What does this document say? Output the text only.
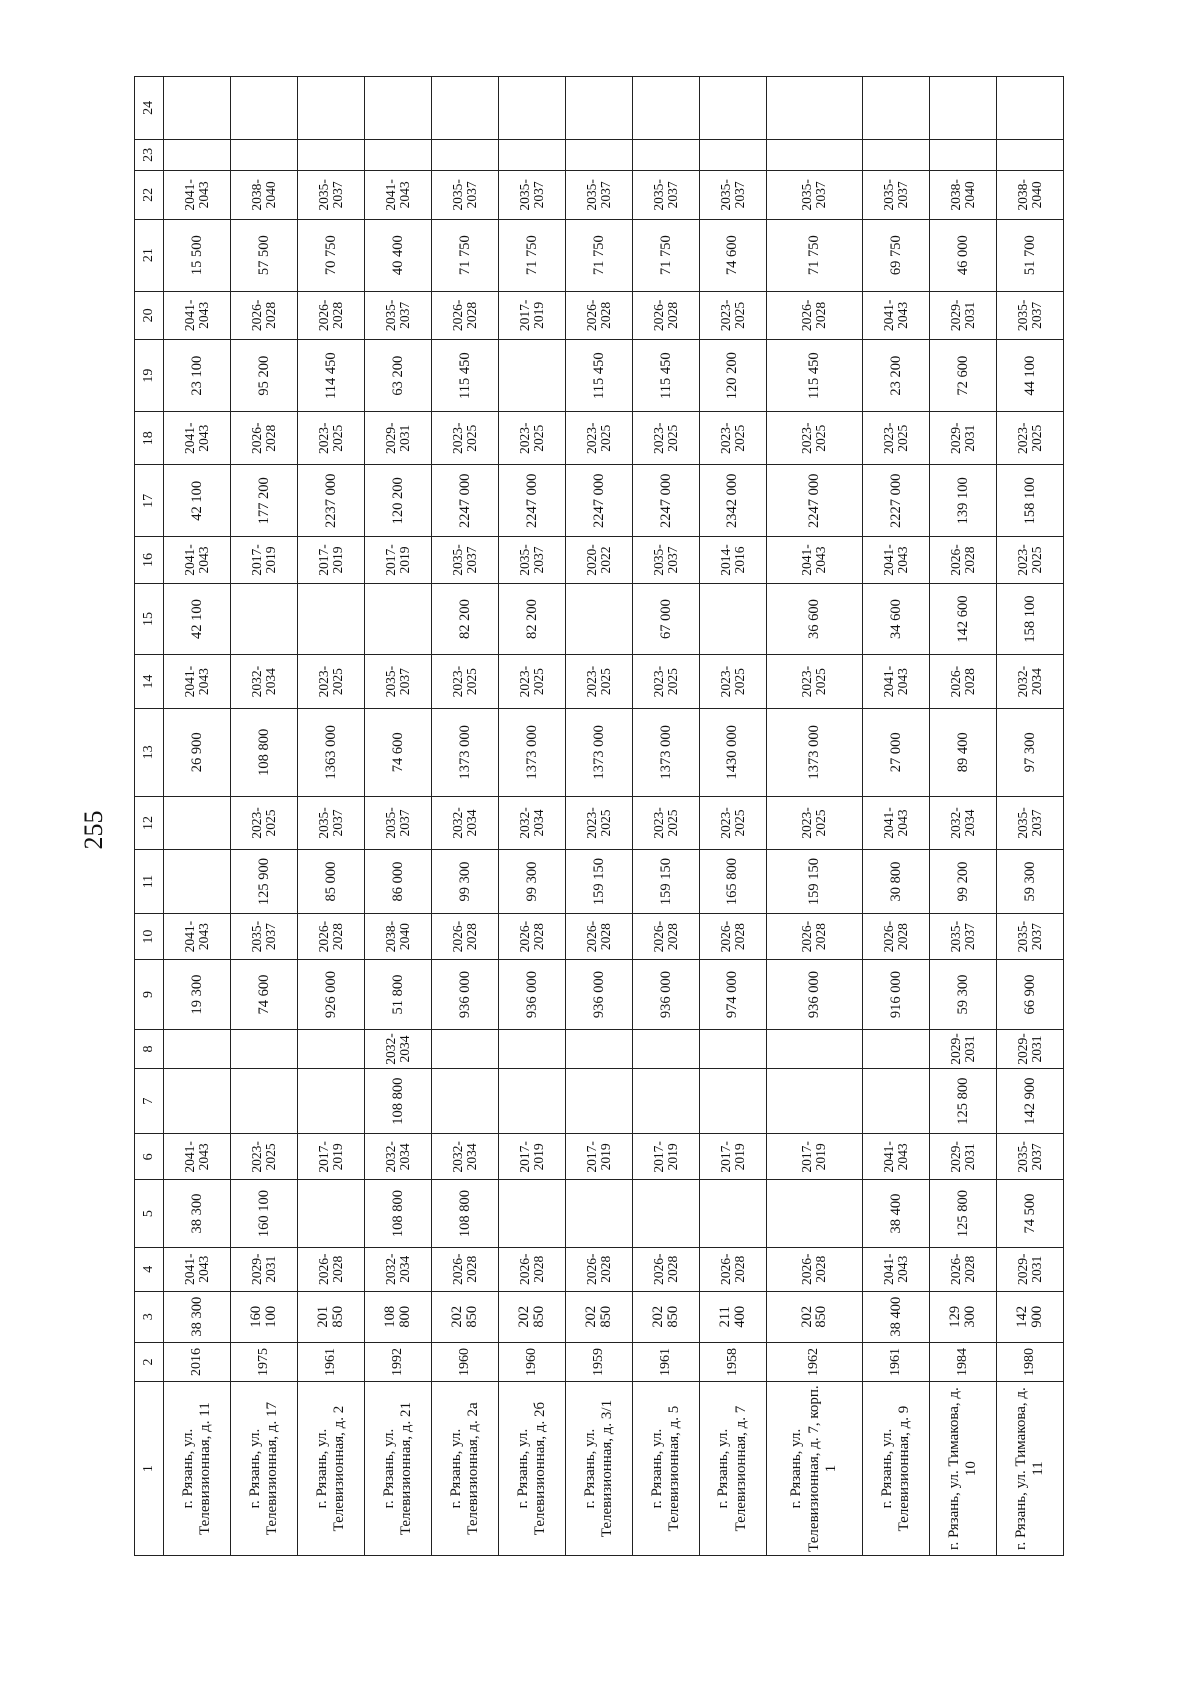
255
1	2	3	4	5	6	7	8	9	10	11	12	13	14	15	16	17	18	19	20	21	22	23	24
г. Рязань, ул. Телевизионная, д. 11	2016	38 300	2041-2043	38 300	2041-2043			19 300	2041-2043			26 900	2041-2043	42 100	2041-2043	42 100	2041-2043	23 100	2041-2043	15 500	2041-2043		
г. Рязань, ул. Телевизионная, д. 17	1975	160 100	2029-2031	160 100	2023-2025			74 600	2035-2037	125 900	2023-2025	108 800	2032-2034		2017-2019	177 200	2026-2028	95 200	2026-2028	57 500	2038-2040		
г. Рязань, ул. Телевизионная, д. 2	1961	201 850	2026-2028		2017-2019			926 000	2026-2028	85 000	2035-2037	1363 000	2023-2025		2017-2019	2237 000	2023-2025	114 450	2026-2028	70 750	2035-2037		
г. Рязань, ул. Телевизионная, д. 21	1992	108 800	2032-2034	108 800	2032-2034	108 800	2032-2034	51 800	2038-2040	86 000	2035-2037	74 600	2035-2037		2017-2019	120 200	2029-2031	63 200	2035-2037	40 400	2041-2043		
г. Рязань, ул. Телевизионная, д. 2а	1960	202 850	2026-2028	108 800	2032-2034			936 000	2026-2028	99 300	2032-2034	1373 000	2023-2025	82 200	2035-2037	2247 000	2023-2025	115 450	2026-2028	71 750	2035-2037		
г. Рязань, ул. Телевизионная, д. 2б	1960	202 850	2026-2028		2017-2019			936 000	2026-2028	99 300	2032-2034	1373 000	2023-2025	82 200	2035-2037	2247 000	2023-2025		2017-2019	71 750	2035-2037		
г. Рязань, ул. Телевизионная, д. 3/1	1959	202 850	2026-2028		2017-2019			936 000	2026-2028	159 150	2023-2025	1373 000	2023-2025		2020-2022	2247 000	2023-2025	115 450	2026-2028	71 750	2035-2037		
г. Рязань, ул. Телевизионная, д. 5	1961	202 850	2026-2028		2017-2019			936 000	2026-2028	159 150	2023-2025	1373 000	2023-2025	67 000	2035-2037	2247 000	2023-2025	115 450	2026-2028	71 750	2035-2037		
г. Рязань, ул. Телевизионная, д. 7	1958	211 400	2026-2028		2017-2019			974 000	2026-2028	165 800	2023-2025	1430 000	2023-2025		2014-2016	2342 000	2023-2025	120 200	2023-2025	74 600	2035-2037		
г. Рязань, ул. Телевизионная, д. 7, корп. 1	1962	202 850	2026-2028		2017-2019			936 000	2026-2028	159 150	2023-2025	1373 000	2023-2025	36 600	2041-2043	2247 000	2023-2025	115 450	2026-2028	71 750	2035-2037		
г. Рязань, ул. Телевизионная, д. 9	1961	38 400	2041-2043	38 400	2041-2043			916 000	2026-2028	30 800	2041-2043	27 000	2041-2043	34 600	2041-2043	2227 000	2023-2025	23 200	2041-2043	69 750	2035-2037		
г. Рязань, ул. Тимакова, д. 10	1984	129 300	2026-2028	125 800	2029-2031	125 800	2029-2031	59 300	2035-2037	99 200	2032-2034	89 400	2026-2028	142 600	2026-2028	139 100	2029-2031	72 600	2029-2031	46 000	2038-2040		
г. Рязань, ул. Тимакова, д. 11	1980	142 900	2029-2031	74 500	2035-2037	142 900	2029-2031	66 900	2035-2037	59 300	2035-2037	97 300	2032-2034	158 100	2023-2025	158 100	2023-2025	44 100	2035-2037	51 700	2038-2040		
